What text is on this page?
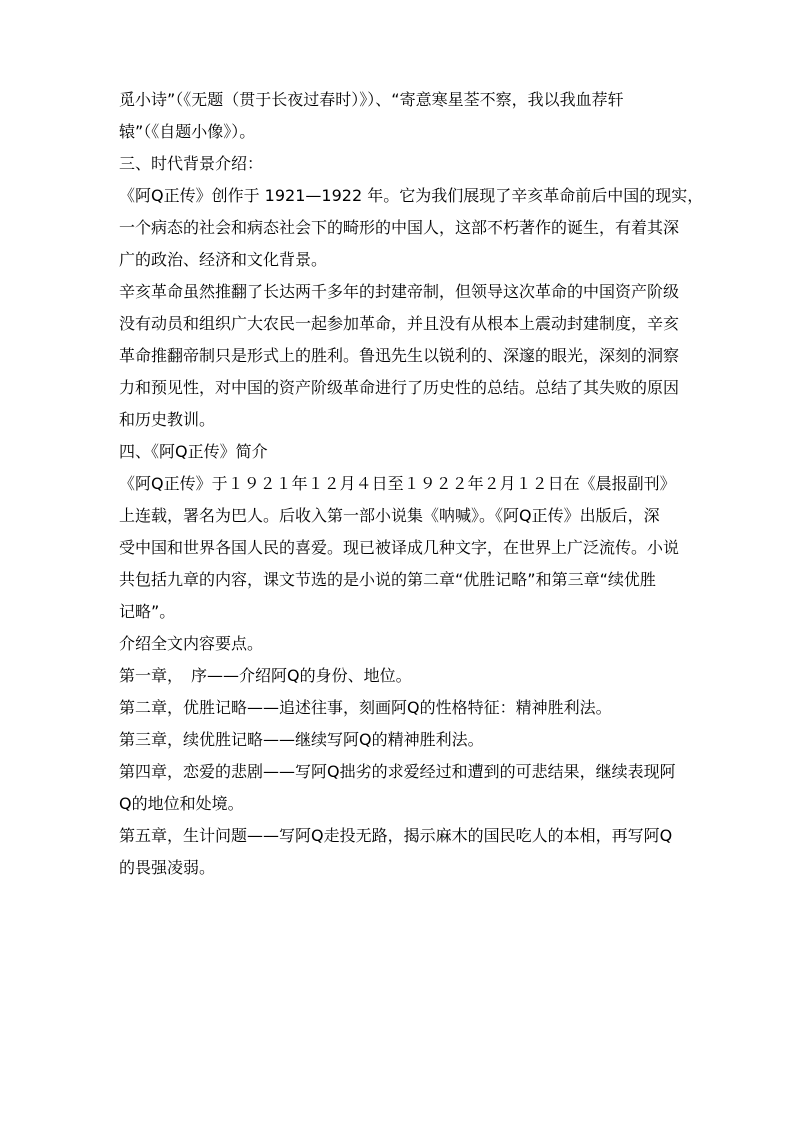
觅小诗”（《无题（贯于长夜过春时）》）、“寄意寒星荃不察，我以我血荐轩
辕”（《自题小像》）。
三、时代背景介绍：
《阿Q正传》创作于 1921—1922 年。它为我们展现了辛亥革命前后中国的现实，
一个病态的社会和病态社会下的畸形的中国人，这部不朽著作的诞生，有着其深
广的政治、经济和文化背景。
辛亥革命虽然推翻了长达两千多年的封建帝制，但领导这次革命的中国资产阶级
没有动员和组织广大农民一起参加革命，并且没有从根本上震动封建制度，辛亥
革命推翻帝制只是形式上的胜利。鲁迅先生以锐利的、深邃的眼光，深刻的洞察
力和预见性，对中国的资产阶级革命进行了历史性的总结。总结了其失败的原因
和历史教训。
四、《阿Q正传》简介
《阿Q正传》于１９２１年１２月４日至１９２２年２月１２日在《晨报副刊》
上连载，署名为巴人。后收入第一部小说集《呐喊》。《阿Q正传》出版后，深
受中国和世界各国人民的喜爱。现已被译成几种文字，在世界上广泛流传。小说
共包括九章的内容，课文节选的是小说的第二章“优胜记略”和第三章“续优胜
记略”。
介绍全文内容要点。
第一章，　序——介绍阿Q的身份、地位。
第二章，优胜记略——追述往事，刻画阿Q的性格特征：精神胜利法。
第三章，续优胜记略——继续写阿Q的精神胜利法。
第四章，恋爱的悲剧——写阿Q拙劣的求爱经过和遭到的可悲结果，继续表现阿
Q的地位和处境。
第五章，生计问题——写阿Q走投无路，揭示麻木的国民吃人的本相，再写阿Q
的畏强凌弱。
